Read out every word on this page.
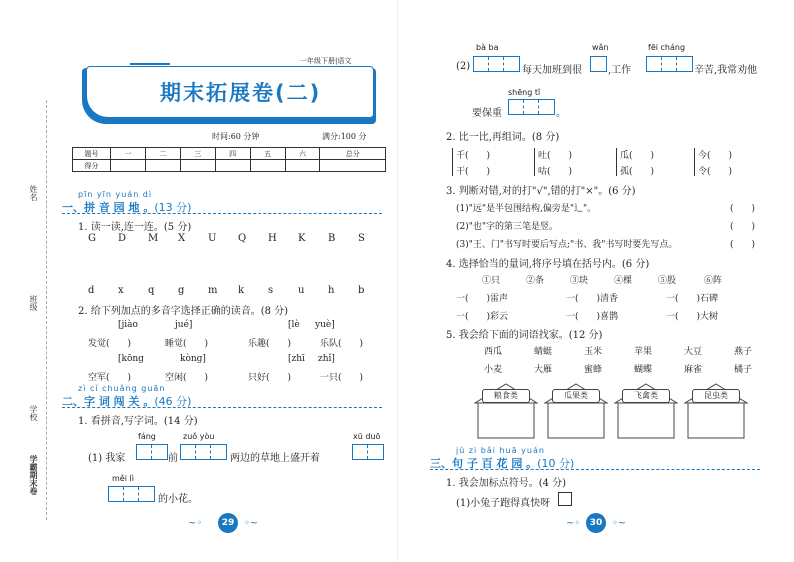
姓名
班级
学校
学霸期末卷
一年级下册|语文
期末拓展卷(二)
时间:60 分钟	满分:100 分
题号	一	二	三	四	五	六	总分
得分							
pīn yīn yuán dì
一、拼 音 园 地 。(13 分)
1. 读一读,连一连。(5 分)
G	D	M	X	U	Q	H	K	B	S
d	x	q	g	m	k	s	u	h	b
2. 给下列加点的多音字选择正确的读音。(8 分)
[jiào	jué]	[lè yuè]
发觉(　　)	睡觉(　　)	乐趣(　　)	乐队(　　)
[kōng	kòng]	[zhī zhǐ]
空军(　　)	空闲(　　)	只好(　　)	一只(　　)
zì cí chuǎng guān
二、字 词 闯 关 。(46 分)
1. 看拼音,写字词。(14 分)
fáng	zuǒ yòu	xū duō
(1) 我家	前	两边的草地上盛开着
měi lì
的小花。
~◦	29 ◦~
bà ba	wǎn	fēi cháng
(2)	每天加班到很	,工作	辛苦,我常劝他
shēng tǐ
要保重	。
2. 比一比,再组词。(8 分)
千(　　)	吐(　　)	瓜(　　)	今(　　)
干(　　)	咕(　　)	孤(　　)	令(　　)
3. 判断对错,对的打"√",错的打"×"。(6 分)
(1)"远"是半包围结构,偏旁是"辶"。	(　　)
(2)"也"字的第三笔是竖。	(　　)
(3)"王、门"书写时要后写点;"书、我"书写时要先写点。	(　　)
4. 选择恰当的量词,将序号填在括号内。(6 分)
①只	②条	③块	④棵	⑤股	⑥阵
一(　　)雷声	一(　　)清香	一(　　)石碑
一(　　)彩云	一(　　)喜鹊	一(　　)大树
5. 我会给下面的词语找家。(12 分)
西瓜	蜻蜓	玉米	苹果	大豆	燕子
小麦	大雁	蜜蜂	蝴蝶	麻雀	橘子
粮食类	瓜果类	飞禽类	昆虫类
jù zi bǎi huā yuán
三、句 子 百 花 园 。(10 分)
1. 我会加标点符号。(4 分)
(1)小兔子跑得真快呀
~◦	30 ◦~
